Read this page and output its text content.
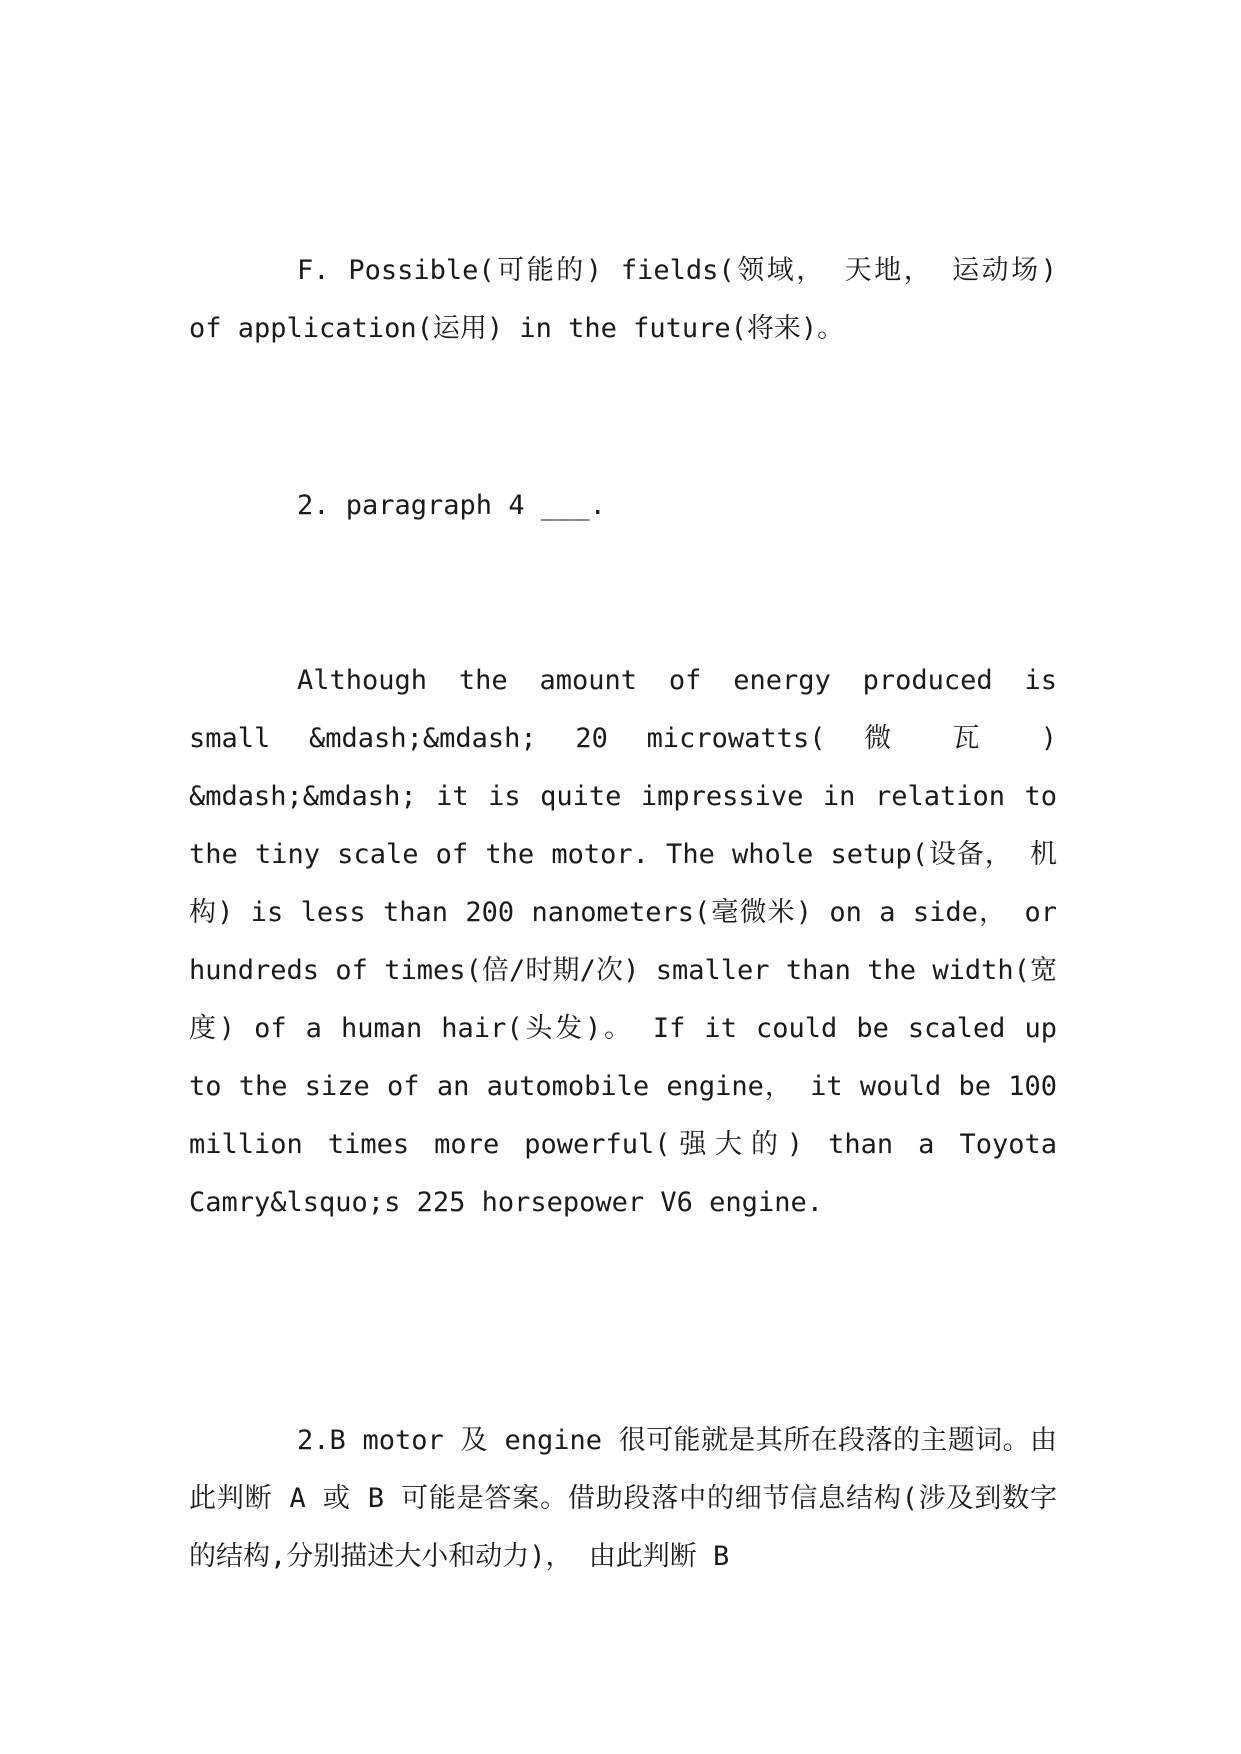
F. Possible(可能的) fields(领域， 天地， 运动场) of application(运用) in the future(将来)。

2. paragraph 4 ___.

Although the amount of energy produced is small &mdash;&mdash; 20 microwatts( 微 瓦 ) &mdash;&mdash; it is quite impressive in relation to the tiny scale of the motor. The whole setup(设备， 机构) is less than 200 nanometers(毫微米) on a side， or hundreds of times(倍/时期/次) smaller than the width(宽度) of a human hair(头发)。 If it could be scaled up to the size of an automobile engine， it would be 100 million times more powerful(强大的) than a Toyota Camry&lsquo;s 225 horsepower V6 engine.

2.B motor 及 engine 很可能就是其所在段落的主题词。由此判断 A 或 B 可能是答案。借助段落中的细节信息结构(涉及到数字的结构,分别描述大小和动力)， 由此判断 B
